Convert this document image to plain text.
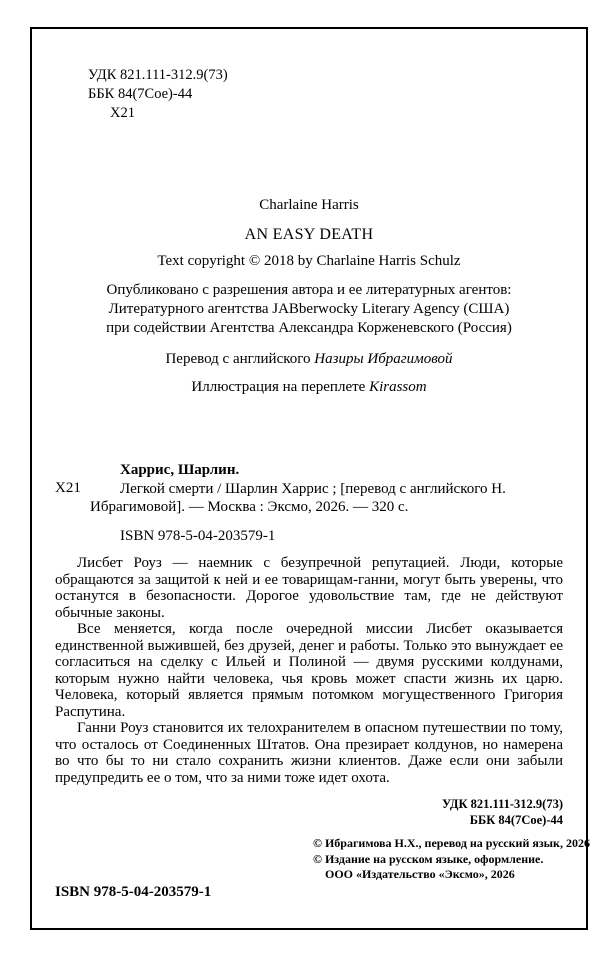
УДК 821.111-312.9(73)
ББК 84(7Сое)-44
Х21
Charlaine Harris
AN EASY DEATH
Text copyright © 2018 by Charlaine Harris Schulz
Опубликовано с разрешения автора и ее литературных агентов:
Литературного агентства JABberwocky Literary Agency (США)
при содействии Агентства Александра Корженевского (Россия)
Перевод с английского Назиры Ибрагимовой
Иллюстрация на переплете Kirassom
Харрис, Шарлин.
Х21	Легкой смерти / Шарлин Харрис ; [перевод с английского Н. Ибрагимовой]. — Москва : Эксмо, 2026. — 320 с.

ISBN 978-5-04-203579-1

Лисбет Роуз — наемник с безупречной репутацией. Люди, которые обращаются за защитой к ней и ее товарищам-ганни, могут быть уверены, что останутся в безопасности. Дорогое удовольствие там, где не действуют обычные законы.

Все меняется, когда после очередной миссии Лисбет оказывается единственной выжившей, без друзей, денег и работы. Только это вынуждает ее согласиться на сделку с Ильей и Полиной — двумя русскими колдунами, которым нужно найти человека, чья кровь может спасти жизнь их царю. Человека, который является прямым потомком могущественного Григория Распутина.

Ганни Роуз становится их телохранителем в опасном путешествии по тому, что осталось от Соединенных Штатов. Она презирает колдунов, но намерена во что бы то ни стало сохранить жизни клиентов. Даже если они забыли предупредить ее о том, что за ними тоже идет охота.

УДК 821.111-312.9(73)
ББК 84(7Сое)-44
ISBN 978-5-04-203579-1
© Ибрагимова Н.Х., перевод на русский язык, 2026
© Издание на русском языке, оформление.
ООО «Издательство «Эксмо», 2026
